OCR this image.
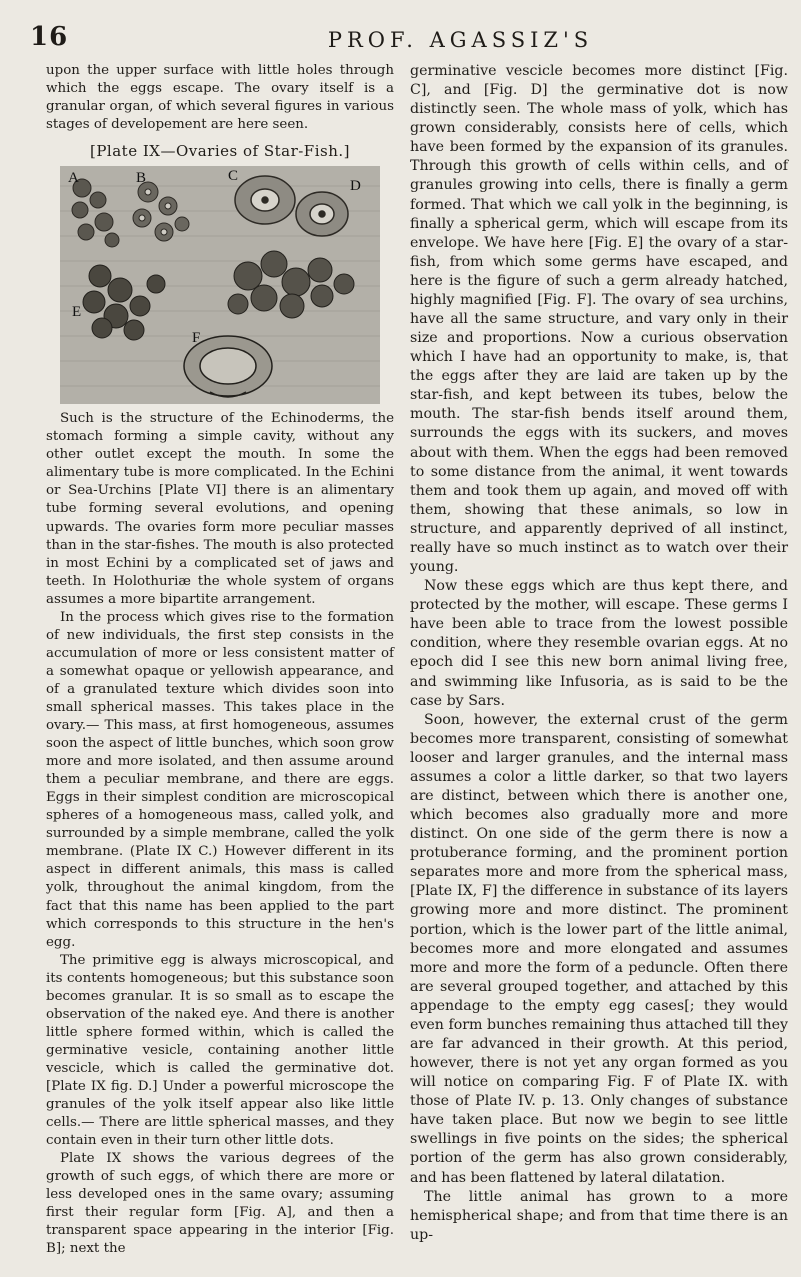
16	PROF. AGASSIZ'S

upon the upper surface with little holes through which the eggs escape. The ovary itself is a granular organ, of which several figures in various stages of developement are here seen.

[Plate IX—Ovaries of Star-Fish.]
A	B	C
D
E
F

Such is the structure of the Echinoderms, the stomach forming a simple cavity, without any other outlet except the mouth. In some the alimentary tube is more complicated. In the Echini or Sea-Urchins [Plate VI] there is an alimentary tube forming several evolutions, and opening upwards. The ovaries form more peculiar masses than in the star-fishes. The mouth is also protected in most Echini by a complicated set of jaws and teeth. In Holothuriæ the whole system of organs assumes a more bipartite arrangement.

In the process which gives rise to the formation of new individuals, the first step consists in the accumulation of more or less consistent matter of a somewhat opaque or yellowish appearance, and of a granulated texture which divides soon into small spherical masses. This takes place in the ovary.— This mass, at first homogeneous, assumes soon the aspect of little bunches, which soon grow more and more isolated, and then assume around them a peculiar membrane, and there are eggs. Eggs in their simplest condition are microscopical spheres of a homogeneous mass, called yolk, and surrounded by a simple membrane, called the yolk membrane. (Plate IX C.) However different in its aspect in different animals, this mass is called yolk, throughout the animal kingdom, from the fact that this name has been applied to the part which corresponds to this structure in the hen's egg.

The primitive egg is always microscopical, and its contents homogeneous; but this substance soon becomes granular. It is so small as to escape the observation of the naked eye. And there is another little sphere formed within, which is called the germinative vesicle, containing another little vescicle, which is called the germinative dot. [Plate IX fig. D.] Under a powerful microscope the granules of the yolk itself appear also like little cells.— There are little spherical masses, and they contain even in their turn other little dots.

Plate IX shows the various degrees of the growth of such eggs, of which there are more or less developed ones in the same ovary; assuming first their regular form [Fig. A], and then a transparent space appearing in the interior [Fig. B]; next the

germinative vescicle becomes more distinct [Fig. C], and [Fig. D] the germinative dot is now distinctly seen. The whole mass of yolk, which has grown considerably, consists here of cells, which have been formed by the expansion of its granules. Through this growth of cells within cells, and of granules growing into cells, there is finally a germ formed. That which we call yolk in the beginning, is finally a spherical germ, which will escape from its envelope. We have here [Fig. E] the ovary of a star-fish, from which some germs have escaped, and here is the figure of such a germ already hatched, highly magnified [Fig. F]. The ovary of sea urchins, have all the same structure, and vary only in their size and proportions. Now a curious observation which I have had an opportunity to make, is, that the eggs after they are laid are taken up by the star-fish, and kept between its tubes, below the mouth. The star-fish bends itself around them, surrounds the eggs with its suckers, and moves about with them. When the eggs had been removed to some distance from the animal, it went towards them and took them up again, and moved off with them, showing that these animals, so low in structure, and apparently deprived of all instinct, really have so much instinct as to watch over their young.

Now these eggs which are thus kept there, and protected by the mother, will escape. These germs I have been able to trace from the lowest possible condition, where they resemble ovarian eggs. At no epoch did I see this new born animal living free, and swimming like Infusoria, as is said to be the case by Sars.

Soon, however, the external crust of the germ becomes more transparent, consisting of somewhat looser and larger granules, and the internal mass assumes a color a little darker, so that two layers are distinct, between which there is another one, which becomes also gradually more and more distinct. On one side of the germ there is now a protuberance forming, and the prominent portion separates more and more from the spherical mass, [Plate IX, F] the difference in substance of its layers growing more and more distinct. The prominent portion, which is the lower part of the little animal, becomes more and more elongated and assumes more and more the form of a peduncle. Often there are several grouped together, and attached by this appendage to the empty egg cases[; they would even form bunches remaining thus attached till they are far advanced in their growth. At this period, however, there is not yet any organ formed as you will notice on comparing Fig. F of Plate IX. with those of Plate IV. p. 13. Only changes of substance have taken place. But now we begin to see little swellings in five points on the sides; the spherical portion of the germ has also grown considerably, and has been flattened by lateral dilatation.

The little animal has grown to a more hemispherical shape; and from that time there is an up-
